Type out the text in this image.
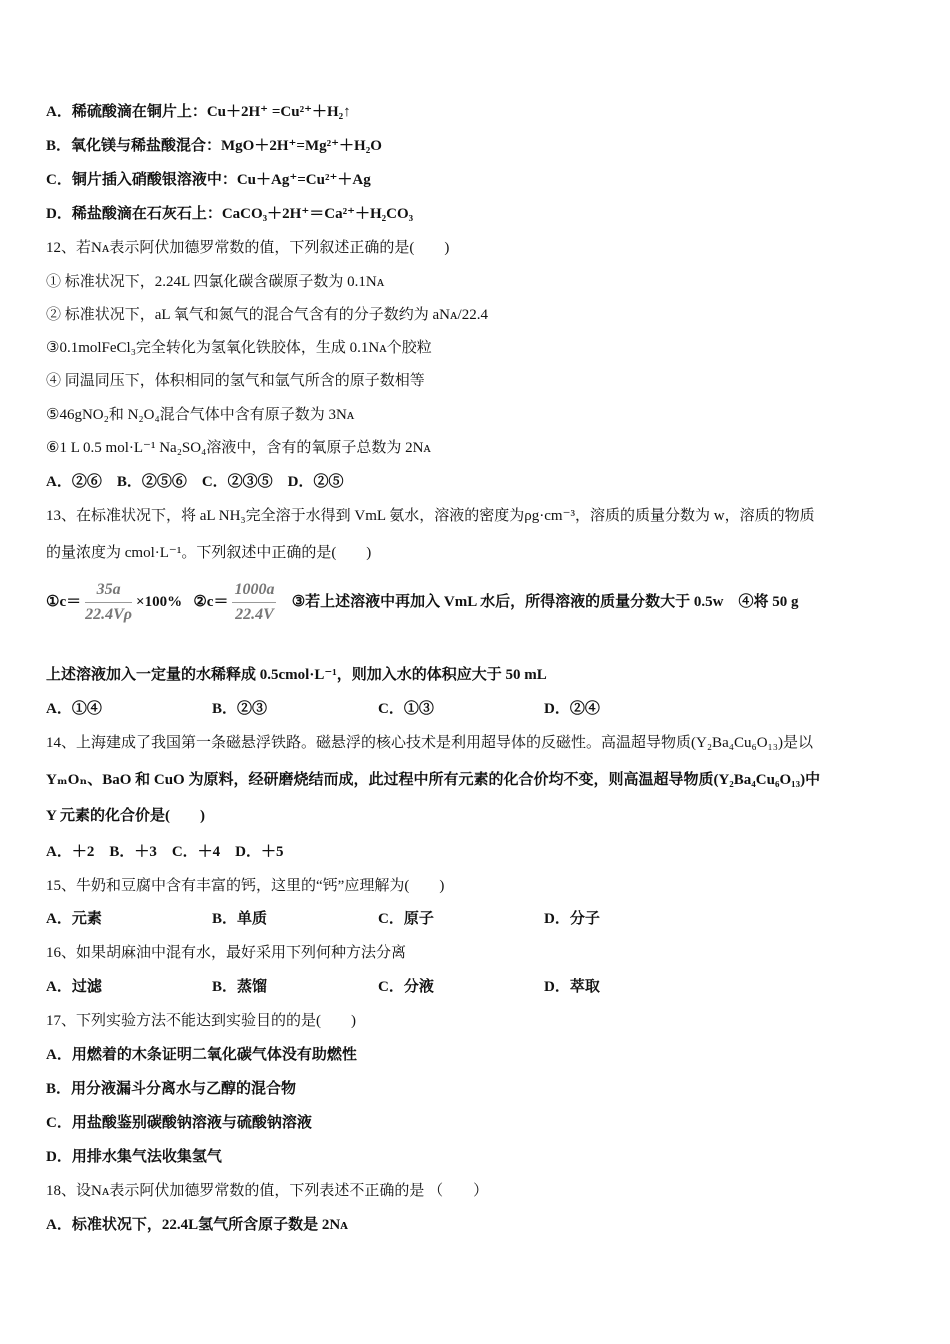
A．稀硫酸滴在铜片上：Cu＋2H⁺ =Cu²⁺＋H₂↑
B．氧化镁与稀盐酸混合：MgO＋2H⁺=Mg²⁺＋H₂O
C．铜片插入硝酸银溶液中：Cu＋Ag⁺=Cu²⁺＋Ag
D．稀盐酸滴在石灰石上：CaCO₃＋2H⁺＝Ca²⁺＋H₂CO₃
12、若Nᴀ表示阿伏加德罗常数的值，下列叙述正确的是(　　)
① 标准状况下，2.24L 四氯化碳含碳原子数为 0.1Nᴀ
② 标准状况下，aL 氧气和氮气的混合气含有的分子数约为 aNᴀ/22.4
③0.1molFeCl₃完全转化为氢氧化铁胶体，生成 0.1Nᴀ个胶粒
④ 同温同压下，体积相同的氢气和氩气所含的原子数相等
⑤46gNO₂和 N₂O₄混合气体中含有原子数为 3Nᴀ
⑥1 L 0.5 mol·L⁻¹ Na₂SO₄溶液中，含有的氧原子总数为 2Nᴀ
A．②⑥　B．②⑤⑥　C．②③⑤　D．②⑤
13、在标准状况下，将 aL NH₃完全溶于水得到 VmL 氨水，溶液的密度为ρg·cm⁻³，溶质的质量分数为 w，溶质的物质
的量浓度为 cmol·L⁻¹。下列叙述中正确的是(　　)
①c＝ $\frac{35a}{22.4V\rho} \times 100\%$ ②c＝ $\frac{1000a}{22.4V}$ ③若上述溶液中再加入 VmL 水后，所得溶液的质量分数大于 0.5w　④将 50 g
上述溶液加入一定量的水稀释成 0.5cmol·L⁻¹，则加入水的体积应大于 50 mL
A．①④	B．②③	C．①③	D．②④
14、上海建成了我国第一条磁悬浮铁路。磁悬浮的核心技术是利用超导体的反磁性。高温超导物质(Y₂Ba₄Cu₆O₁₃)是以
YₘOₙ、BaO 和 CuO 为原料，经研磨烧结而成，此过程中所有元素的化合价均不变，则高温超导物质(Y₂Ba₄Cu₆O₁₃)中
Y 元素的化合价是(　　)
A．＋2　B．＋3　C．＋4　D．＋5
15、牛奶和豆腐中含有丰富的钙，这里的“钙”应理解为(　　)
A．元素	B．单质	C．原子	D．分子
16、如果胡麻油中混有水，最好采用下列何种方法分离
A．过滤	B．蒸馏	C．分液	D．萃取
17、下列实验方法不能达到实验目的的是(　　)
A．用燃着的木条证明二氧化碳气体没有助燃性
B．用分液漏斗分离水与乙醇的混合物
C．用盐酸鉴别碳酸钠溶液与硫酸钠溶液
D．用排水集气法收集氢气
18、设Nᴀ表示阿伏加德罗常数的值，下列表述不正确的是 （　　）
A．标准状况下，22.4L氢气所含原子数是 2Nᴀ
